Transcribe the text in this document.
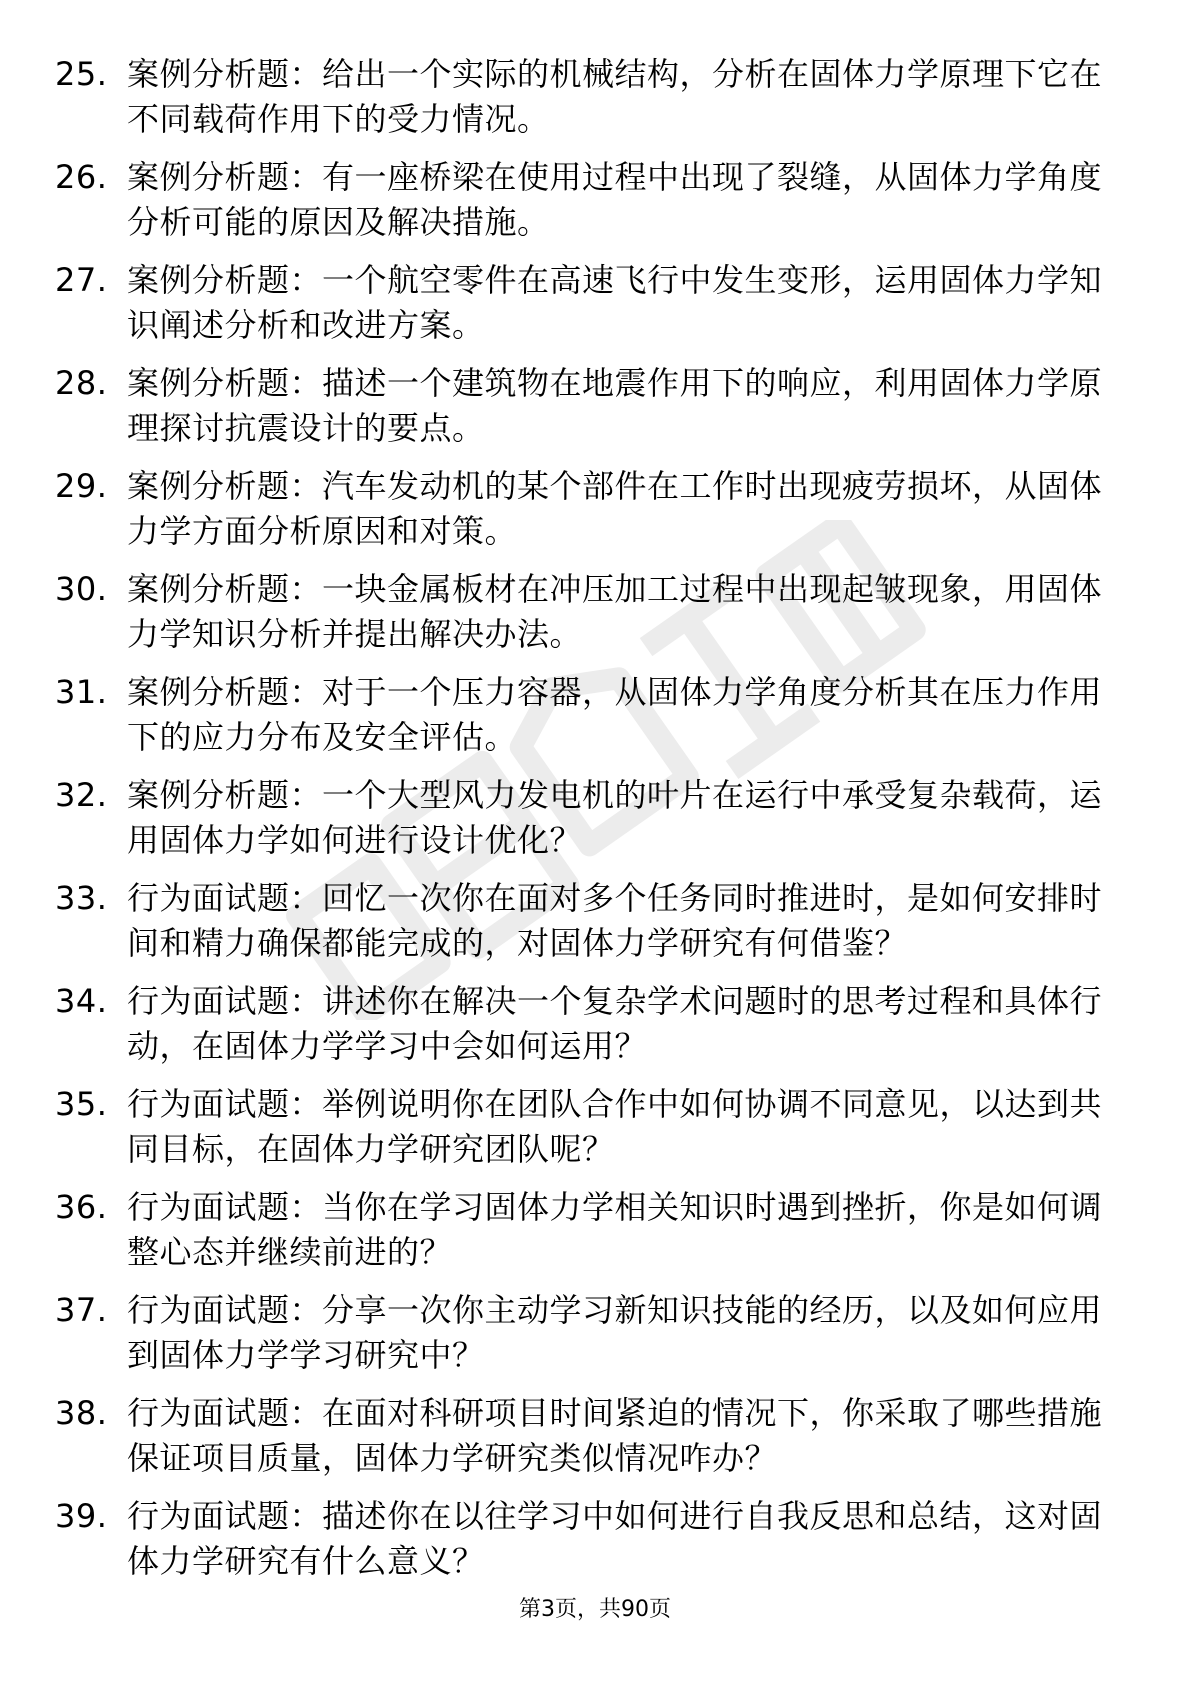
25. 案例分析题：给出一个实际的机械结构，分析在固体力学原理下它在不同载荷作用下的受力情况。
26. 案例分析题：有一座桥梁在使用过程中出现了裂缝，从固体力学角度分析可能的原因及解决措施。
27. 案例分析题：一个航空零件在高速飞行中发生变形，运用固体力学知识阐述分析和改进方案。
28. 案例分析题：描述一个建筑物在地震作用下的响应，利用固体力学原理探讨抗震设计的要点。
29. 案例分析题：汽车发动机的某个部件在工作时出现疲劳损坏，从固体力学方面分析原因和对策。
30. 案例分析题：一块金属板材在冲压加工过程中出现起皱现象，用固体力学知识分析并提出解决办法。
31. 案例分析题：对于一个压力容器，从固体力学角度分析其在压力作用下的应力分布及安全评估。
32. 案例分析题：一个大型风力发电机的叶片在运行中承受复杂载荷，运用固体力学如何进行设计优化？
33. 行为面试题：回忆一次你在面对多个任务同时推进时，是如何安排时间和精力确保都能完成的，对固体力学研究有何借鉴？
34. 行为面试题：讲述你在解决一个复杂学术问题时的思考过程和具体行动，在固体力学学习中会如何运用？
35. 行为面试题：举例说明你在团队合作中如何协调不同意见，以达到共同目标，在固体力学研究团队呢？
36. 行为面试题：当你在学习固体力学相关知识时遇到挫折，你是如何调整心态并继续前进的？
37. 行为面试题：分享一次你主动学习新知识技能的经历，以及如何应用到固体力学学习研究中？
38. 行为面试题：在面对科研项目时间紧迫的情况下，你采取了哪些措施保证项目质量，固体力学研究类似情况咋办？
39. 行为面试题：描述你在以往学习中如何进行自我反思和总结，这对固体力学研究有什么意义？
第3页，共90页
